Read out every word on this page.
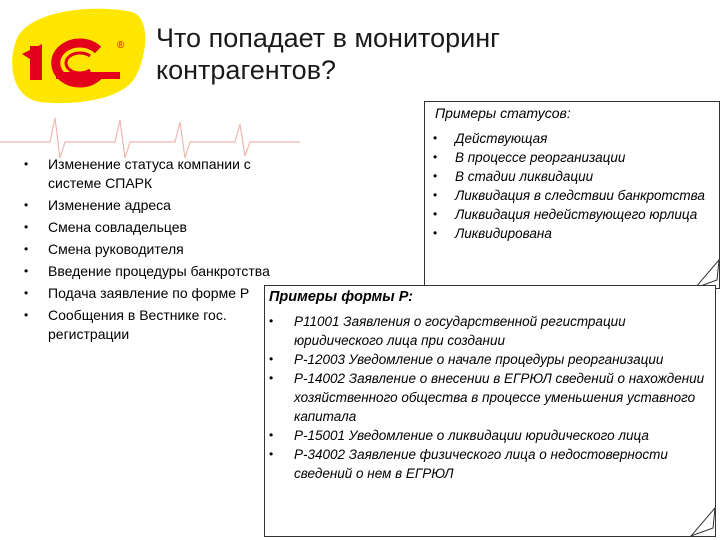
® Что попадает в мониторинг контрагентов?
• Изменение статуса компании с системе СПАРК
• Изменение адреса
• Смена совладельцев
• Смена руководителя
• Введение процедуры банкротства
• Подача заявление по форме Р
• Сообщения в Вестнике гос. регистрации
Примеры статусов:
• Действующая
• В процессе реорганизации
• В стадии ликвидации
• Ликвидация в следствии банкротства
• Ликвидация недействующего юрлица
• Ликвидирована
Примеры формы Р:
• Р11001 Заявления о государственной регистрации юридического лица при создании
• Р-12003 Уведомление о начале процедуры реорганизации
• Р-14002 Заявление о внесении в ЕГРЮЛ сведений о нахождении хозяйственного общества в процессе уменьшения уставного капитала
• Р-15001 Уведомление о ликвидации юридического лица
• Р-34002 Заявление физического лица о недостоверности сведений о нем в ЕГРЮЛ
